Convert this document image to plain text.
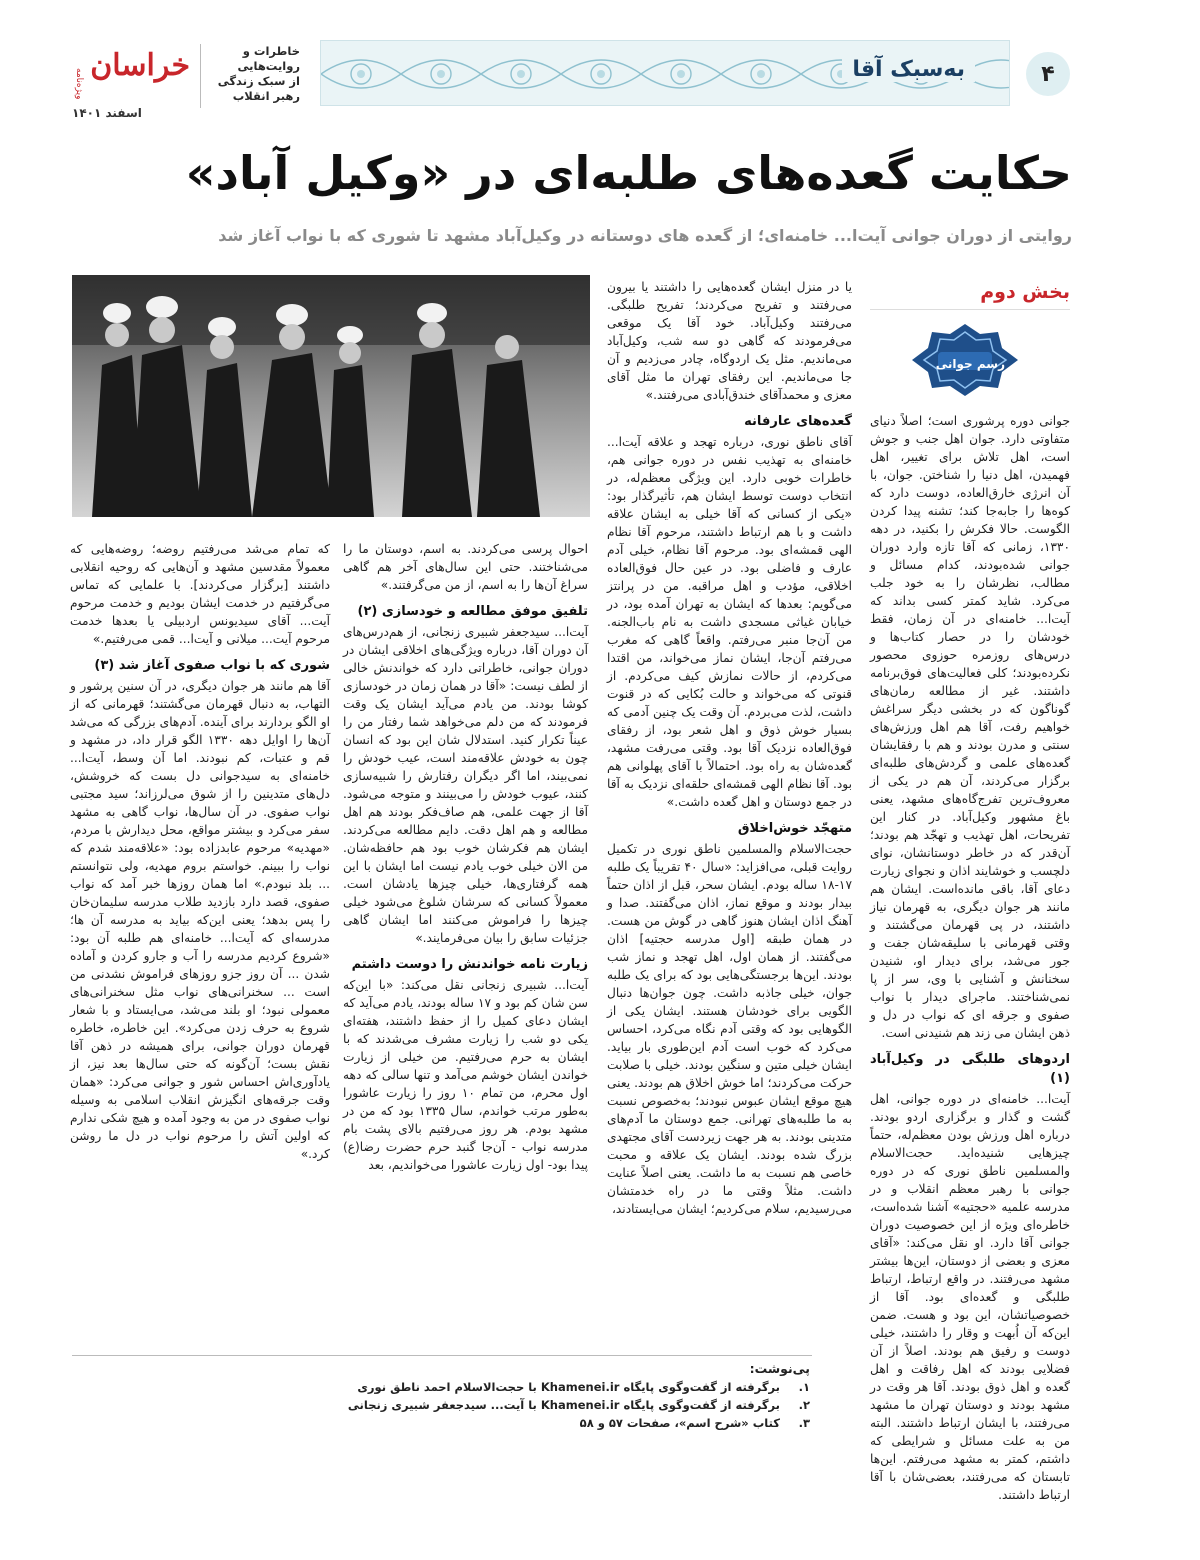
۴
به‌سبک آقا
خاطرات و
روایت‌هایی
از سبک زندگی
رهبر انقلاب
خراسان
ویژه‌نامه
اسفند ۱۴۰۱
حکایت گعده‌های طلبه‌ای در «وکیل آباد»
روایتی از دوران جوانی آیت‌ا... خامنه‌ای؛ از گعده‌ های دوستانه در وکیل‌آباد مشهد تا شوری که با نواب آغاز شد
بخش دوم
رسم جوانی

جوانی دوره پرشوری است؛ اصلاً دنیای متفاوتی دارد. جوان اهل جنب و جوش است، اهل تلاش برای تغییر، اهل فهمیدن، اهل دنیا را شناختن. جوان، با آن انرژی خارق‌العاده، دوست دارد که کوه‌ها را جابه‌جا کند؛ تشنه پیدا کردن الگوست. حالا فکرش را بکنید، در دهه ۱۳۳۰، زمانی که آقا تازه وارد دوران جوانی شده‌بودند، کدام مسائل و مطالب، نظرشان را به خود جلب می‌کرد. شاید کمتر کسی بداند که آیت‌ا... خامنه‌ای در آن زمان، فقط خودشان را در حصار کتاب‌ها و درس‌های روزمره حوزوی محصور نکرده‌بودند؛ کلی فعالیت‌های فوق‌برنامه داشتند. غیر از مطالعه رمان‌های گوناگون که در بخشی دیگر سراغش خواهیم رفت، آقا هم اهل ورزش‌های سنتی و مدرن بودند و هم با رفقایشان گعده‌های علمی و گردش‌های طلبه‌ای برگزار می‌کردند، آن هم در یکی از معروف‌ترین تفرج‌گاه‌های مشهد، یعنی باغ مشهور وکیل‌آباد. در کنار این تفریحات، اهل تهذیب و تهجّد هم بودند؛ آن‌قدر که در خاطر دوستانشان، نوای دلچسب و خوشایند اذان و نجوای زیارت دعای آقا، باقی مانده‌است. ایشان هم مانند هر جوان دیگری، به قهرمان نیاز داشتند، در پی قهرمان می‌گشتند و وقتی قهرمانی با سلیقه‌شان جفت و جور می‌شد، برای دیدار او، شنیدن سخنانش و آشنایی با وی، سر از پا نمی‌شناختند. ماجرای دیدار با نواب صفوی و جرقه ای که نواب در دل و ذهن ایشان می زند هم شنیدنی است.

اردوهای طلبگی در وکیل‌آباد (۱)

آیت‌ا... خامنه‌ای در دوره جوانی، اهل گشت و گذار و برگزاری اردو بودند. درباره اهل ورزش بودن معظم‌له، حتماً چیزهایی شنیده‌اید. حجت‌الاسلام والمسلمین ناطق نوری که در دوره جوانی با رهبر معظم انقلاب و در مدرسه علمیه «حجتیه» آشنا شده‌است، خاطره‌ای ویژه از این خصوصیت دوران جوانی آقا دارد. او نقل می‌کند: «آقای معزی و بعضی از دوستان، این‌ها بیشتر مشهد می‌رفتند. در واقع ارتباط، ارتباط طلبگی و گعده‌ای بود. آقا از خصوصیاتشان، این بود و هست. ضمن این‌که آن اُبهت و وقار را داشتند، خیلی دوست و رفیق هم بودند. اصلاً از آن فضلایی بودند که اهل رفاقت و اهل گعده و اهل ذوق بودند. آقا هر وقت در مشهد بودند و دوستان تهران ما مشهد می‌رفتند، با ایشان ارتباط داشتند. البته من به علت مسائل و شرایطی که داشتم، کمتر به مشهد می‌رفتم. این‌ها تابستان که می‌رفتند، بعضی‌شان با آقا ارتباط داشتند.

یا در منزل ایشان گعده‌هایی را داشتند یا بیرون می‌رفتند و تفریح می‌کردند؛ تفریح طلبگی. می‌رفتند وکیل‌آباد. خود آقا یک موقعی می‌فرمودند که گاهی دو سه شب، وکیل‌آباد می‌ماندیم. مثل یک اردوگاه، چادر می‌زدیم و آن جا می‌ماندیم. این رفقای تهران ما مثل آقای معزی و محمدآقای خندق‌آبادی می‌رفتند.»

گعده‌های عارفانه

آقای ناطق نوری، درباره تهجد و علاقه آیت‌ا... خامنه‌ای به تهذیب نفس در دوره جوانی هم، خاطرات خوبی دارد. این ویژگی معظم‌له، در انتخاب دوست توسط ایشان هم، تأثیرگذار بود: «یکی از کسانی که آقا خیلی به ایشان علاقه داشت و با هم ارتباط داشتند، مرحوم آقا نظام الهی قمشه‌ای بود. مرحوم آقا نظام، خیلی آدم عارف و فاضلی بود. در عین حال فوق‌العاده اخلاقی، مؤدب و اهل مراقبه. من در پرانتز می‌گویم: بعدها که ایشان به تهران آمده بود، در خیابان غیاثی مسجدی داشت به نام باب‌الجنه. من آن‌جا منبر می‌رفتم. واقعاً گاهی که مغرب می‌رفتم آن‌جا، ایشان نماز می‌خواند، من اقتدا می‌کردم، از حالات نمازش کیف می‌کردم. از قنوتی که می‌خواند و حالت بُکایی که در قنوت داشت، لذت می‌بردم. آن وقت یک چنین آدمی که بسیار خوش ذوق و اهل شعر بود، از رفقای فوق‌العاده نزدیک آقا بود. وقتی می‌رفت مشهد، گعده‌شان به راه بود. احتمالاً با آقای پهلوانی هم بود. آقا نظام الهی قمشه‌ای حلقه‌ای نزدیک به آقا در جمع دوستان و اهل گعده داشت.»

متهجّد خوش‌اخلاق

حجت‌الاسلام والمسلمین ناطق نوری در تکمیل روایت قبلی، می‌افزاید: «سال ۴۰ تقریباً یک طلبه ۱۷-۱۸ ساله بودم. ایشان سحر، قبل از اذان حتماً بیدار بودند و موقع نماز، اذان می‌گفتند. صدا و آهنگ اذان ایشان هنوز گاهی در گوش من هست. در همان طبقه [اول مدرسه حجتیه] اذان می‌گفتند. از همان اول، اهل تهجد و نماز شب بودند. این‌ها برجستگی‌هایی بود که برای یک طلبه جوان، خیلی جاذبه داشت. چون جوان‌ها دنبال الگویی برای خودشان هستند. ایشان یکی از الگوهایی بود که وقتی آدم نگاه می‌کرد، احساس می‌کرد که خوب است آدم این‌طوری بار بیاید. ایشان خیلی متین و سنگین بودند. خیلی با صلابت حرکت می‌کردند؛ اما خوش اخلاق هم بودند. یعنی هیچ موقع ایشان عبوس نبودند؛ به‌خصوص نسبت به ما طلبه‌های تهرانی. جمع دوستان ما آدم‌های متدینی بودند. به هر جهت زیردست آقای مجتهدی بزرگ شده بودند. ایشان یک علاقه و محبت خاصی هم نسبت به ما داشت. یعنی اصلاً عنایت داشت. مثلاً وقتی ما در راه خدمتشان می‌رسیدیم، سلام می‌کردیم؛ ایشان می‌ایستادند،

احوال پرسی می‌کردند. به اسم، دوستان ما را می‌شناختند. حتی این سال‌های آخر هم گاهی سراغ آن‌ها را به اسم، از من می‌گرفتند.»

تلفیق موفق مطالعه و خودسازی (۲)

آیت‌ا... سیدجعفر شبیری زنجانی، از هم‌درس‌های آن دوران آقا، درباره ویژگی‌های اخلاقی ایشان در دوران جوانی، خاطراتی دارد که خواندنش خالی از لطف نیست: «آقا در همان زمان در خودسازی کوشا بودند. من یادم می‌آید ایشان یک وقت فرمودند که من دلم می‌خواهد شما رفتار من را عیناً تکرار کنید. استدلال شان این بود که انسان چون به خودش علاقه‌مند است، عیب خودش را نمی‌بیند، اما اگر دیگران رفتارش را شبیه‌سازی کنند، عیوب خودش را می‌بینند و متوجه می‌شود. آقا از جهت علمی، هم صاف‌فکر بودند هم اهل مطالعه و هم اهل دقت. دایم مطالعه می‌کردند. ایشان هم فکرشان خوب بود هم حافظه‌شان. من الان خیلی خوب یادم نیست اما ایشان با این همه گرفتاری‌ها، خیلی چیزها یادشان است. معمولاً کسانی که سرشان شلوغ می‌شود خیلی چیزها را فراموش می‌کنند اما ایشان گاهی جزئیات سابق را بیان می‌فرمایند.»

زیارت نامه خواندنش را دوست داشتم

آیت‌ا... شبیری زنجانی نقل می‌کند: «با این‌که سن شان کم بود و ۱۷ ساله بودند، یادم می‌آید که ایشان دعای کمیل را از حفظ داشتند، هفته‌ای یکی دو شب را زیارت مشرف می‌شدند که با ایشان به حرم می‌رفتیم. من خیلی از زیارت خواندن ایشان خوشم می‌آمد و تنها سالی که دهه اول محرم، من تمام ۱۰ روز را زیارت عاشورا به‌طور مرتب خواندم، سال ۱۳۳۵ بود که من در مشهد بودم. هر روز می‌رفتیم بالای پشت بام مدرسه نواب - آن‌جا گنبد حرم حضرت رضا(ع) پیدا بود- اول زیارت عاشورا می‌خواندیم، بعد

که تمام می‌شد می‌رفتیم روضه؛ روضه‌هایی که معمولاً مقدسین مشهد و آن‌هایی که روحیه انقلابی داشتند [برگزار می‌کردند]. با علمایی که تماس می‌گرفتیم در خدمت ایشان بودیم و خدمت مرحوم آیت... آقای سیدیونس اردبیلی یا بعدها خدمت مرحوم آیت... میلانی و آیت‌ا... قمی می‌رفتیم.»

شوری که با نواب صفوی آغاز شد (۳)

آقا هم مانند هر جوان دیگری، در آن سنین پرشور و التهاب، به دنبال قهرمان می‌گشتند؛ قهرمانی که از او الگو بردارند برای آینده. آدم‌های بزرگی که می‌شد آن‌ها را اوایل دهه ۱۳۳۰ الگو قرار داد، در مشهد و قم و عتبات، کم نبودند. اما آن وسط، آیت‌ا... خامنه‌ای به سیدجوانی دل بست که خروشش، دل‌های متدینین را از شوق می‌لرزاند؛ سید مجتبی نواب صفوی. در آن سال‌ها، نواب گاهی به مشهد سفر می‌کرد و بیشتر مواقع، محل دیدارش با مردم، «مهدیه» مرحوم عابدزاده بود: «علاقه‌مند شدم که نواب را ببینم. خواستم بروم مهدیه، ولی نتوانستم ... بلد نبودم.» اما همان روزها خبر آمد که نواب صفوی، قصد دارد بازدید طلاب مدرسه سلیمان‌خان را پس بدهد؛ یعنی این‌که بیاید به مدرسه آن ها؛ مدرسه‌ای که آیت‌ا... خامنه‌ای هم طلبه آن بود: «شروع کردیم مدرسه را آب و جارو کردن و آماده شدن ... آن روز جزو روزهای فراموش نشدنی من است ... سخنرانی‌های نواب مثل سخنرانی‌های معمولی نبود؛ او بلند می‌شد، می‌ایستاد و با شعار شروع به حرف زدن می‌کرد». این خاطره، خاطره قهرمان دوران جوانی، برای همیشه در ذهن آقا نقش بست؛ آن‌گونه که حتی سال‌ها بعد نیز، از یادآوری‌اش احساس شور و جوانی می‌کرد: «همان وقت جرقه‌های انگیزش انقلاب اسلامی به وسیله نواب صفوی در من به وجود آمده و هیچ شکی ندارم که اولین آتش را مرحوم نواب در دل ما روشن کرد.»

پی‌نوشت:
۱.
برگرفته از گفت‌وگوی پایگاه Khamenei.ir با حجت‌الاسلام احمد ناطق نوری
۲.
برگرفته از گفت‌وگوی پایگاه Khamenei.ir با آیت... سیدجعفر شبیری زنجانی
۳.
کتاب «شرح اسم»، صفحات ۵۷ و ۵۸
